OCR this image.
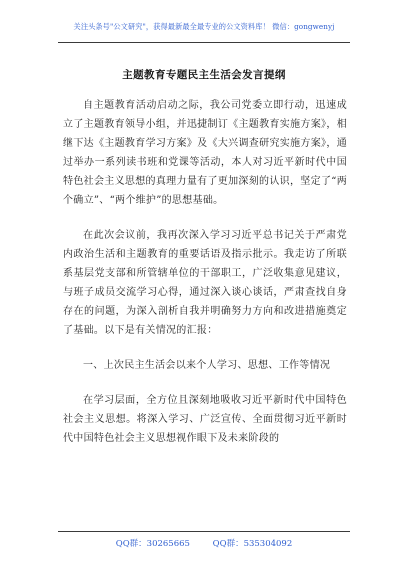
关注头条号"公文研究"，获得最新最全最专业的公文资料库！ 微信：gongwenyj
主题教育专题民主生活会发言提纲

自主题教育活动启动之际，我公司党委立即行动，迅速成立了主题教育领导小组，并迅捷制订《主题教育实施方案》，相继下达《主题教育学习方案》及《大兴调查研究实施方案》，通过举办一系列读书班和党课等活动，本人对习近平新时代中国特色社会主义思想的真理力量有了更加深刻的认识，坚定了“两个确立”、“两个维护”的思想基础。

在此次会议前，我再次深入学习习近平总书记关于严肃党内政治生活和主题教育的重要话语及指示批示。我走访了所联系基层党支部和所管辖单位的干部职工，广泛收集意见建议，与班子成员交流学习心得，通过深入谈心谈话，严肃查找自身存在的问题，为深入剖析自我并明确努力方向和改进措施奠定了基础。以下是有关情况的汇报：

一、上次民主生活会以来个人学习、思想、工作等情况

在学习层面，全方位且深刻地吸收习近平新时代中国特色社会主义思想。将深入学习、广泛宣传、全面贯彻习近平新时代中国特色社会主义思想视作眼下及未来阶段的

QQ群：30265665	QQ群：535304092
